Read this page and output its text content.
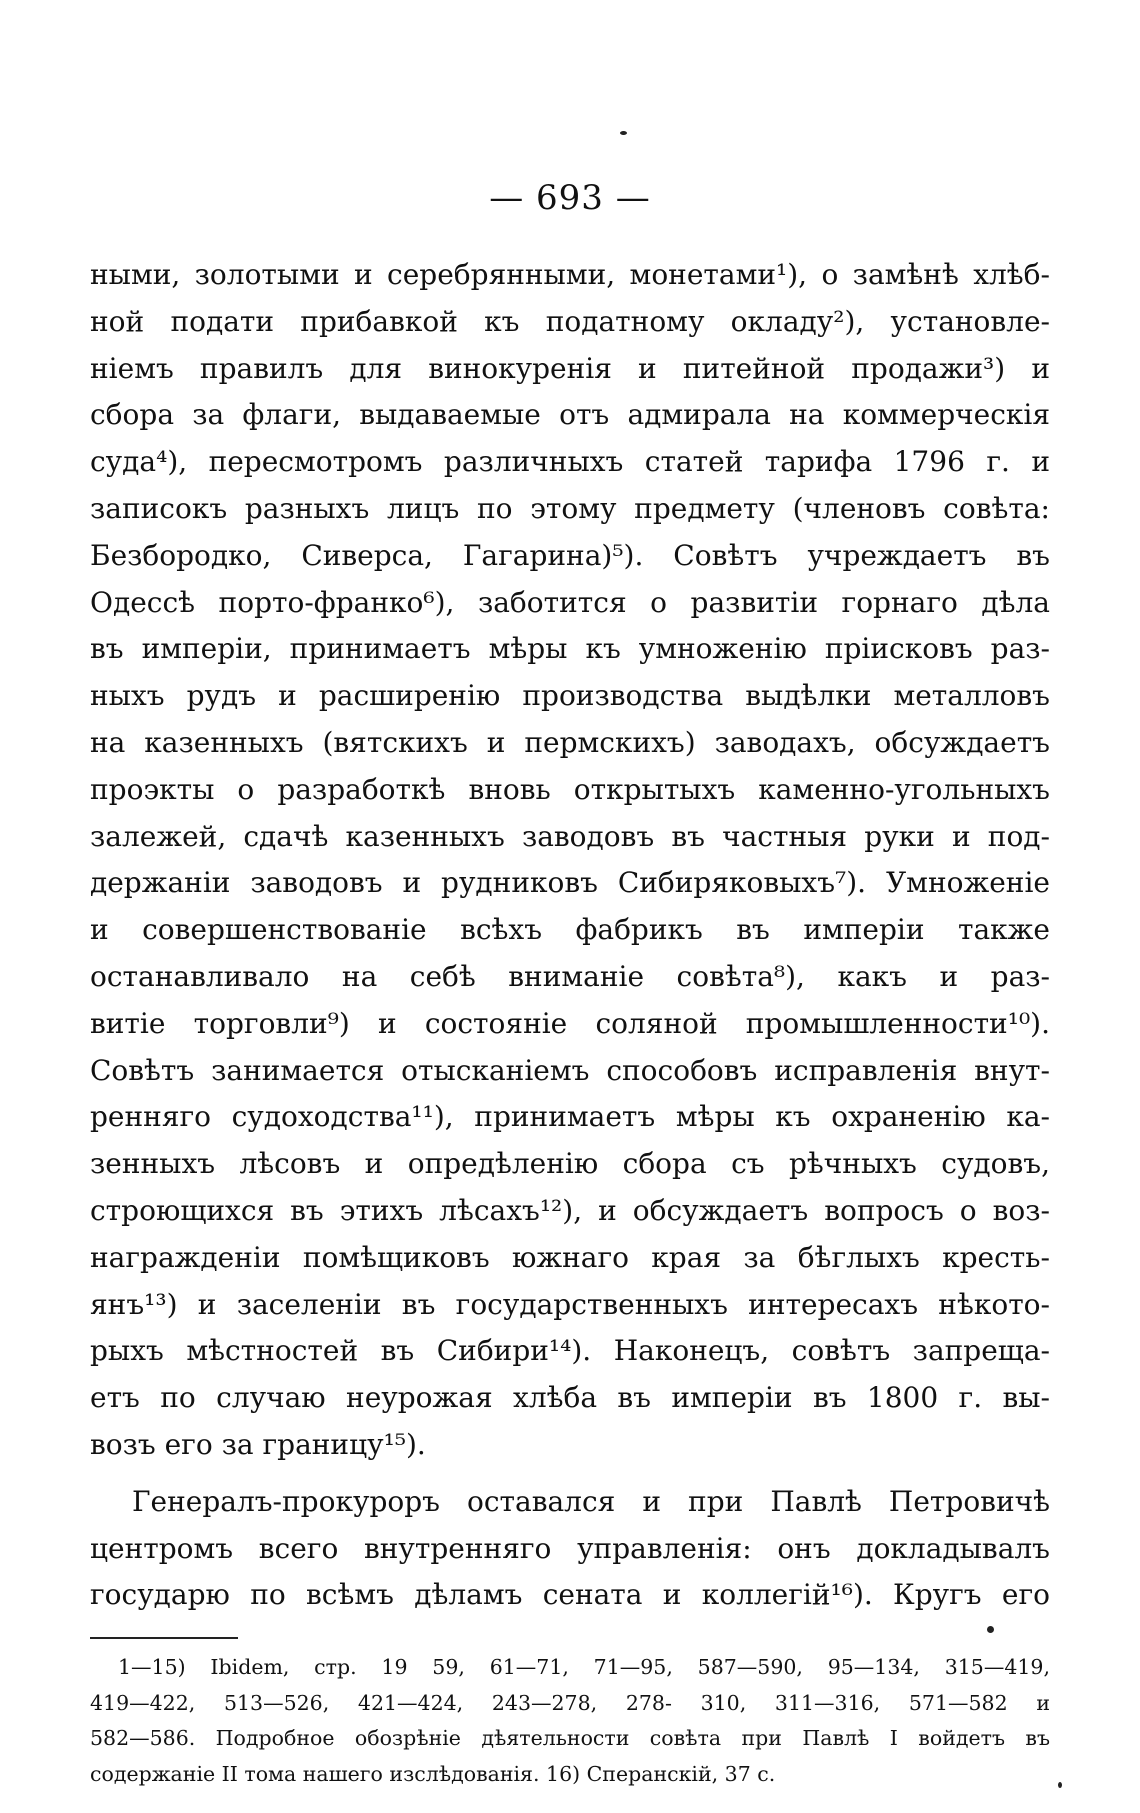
— 693 —
ными, золотыми и серебрянными, монетами¹), о замѣнѣ хлѣб-
ной подати прибавкой къ податному окладу²), установле-
ніемъ правилъ для винокуренія и питейной продажи³) и
сбора за флаги, выдаваемые отъ адмирала на коммерческія
суда⁴), пересмотромъ различныхъ статей тарифа 1796 г. и
записокъ разныхъ лицъ по этому предмету (членовъ совѣта:
Безбородко, Сиверса, Гагарина)⁵). Совѣтъ учреждаетъ въ
Одессѣ порто-франко⁶), заботится о развитіи горнаго дѣла
въ имперіи, принимаетъ мѣры къ умноженію пріисковъ раз-
ныхъ рудъ и расширенію производства выдѣлки металловъ
на казенныхъ (вятскихъ и пермскихъ) заводахъ, обсуждаетъ
проэкты о разработкѣ вновь открытыхъ каменно-угольныхъ
залежей, сдачѣ казенныхъ заводовъ въ частныя руки и под-
держаніи заводовъ и рудниковъ Сибиряковыхъ⁷). Умноженіе
и совершенствованіе всѣхъ фабрикъ въ имперіи также
останавливало на себѣ вниманіе совѣта⁸), какъ и раз-
витіе торговли⁹) и состояніе соляной промышленности¹⁰).
Совѣтъ занимается отысканіемъ способовъ исправленія внут-
ренняго судоходства¹¹), принимаетъ мѣры къ охраненію ка-
зенныхъ лѣсовъ и опредѣленію сбора съ рѣчныхъ судовъ,
строющихся въ этихъ лѣсахъ¹²), и обсуждаетъ вопросъ о воз-
награжденіи помѣщиковъ южнаго края за бѣглыхъ кресть-
янъ¹³) и заселеніи въ государственныхъ интересахъ нѣкото-
рыхъ мѣстностей въ Сибири¹⁴). Наконецъ, совѣтъ запреща-
етъ по случаю неурожая хлѣба въ имперіи въ 1800 г. вы-
возъ его за границу¹⁵).
Генералъ-прокуроръ оставался и при Павлѣ Петровичѣ
центромъ всего внутренняго управленія: онъ докладывалъ
государю по всѣмъ дѣламъ сената и коллегій¹⁶). Кругъ его
1—15) Ibidem, стр. 19 59, 61—71, 71—95, 587—590, 95—134, 315—419,
419—422, 513—526, 421—424, 243—278, 278- 310, 311—316, 571—582 и
582—586. Подробное обозрѣніе дѣятельности совѣта при Павлѣ I войдетъ въ
содержаніе II тома нашего изслѣдованія. 16) Сперанскій, 37 с.
